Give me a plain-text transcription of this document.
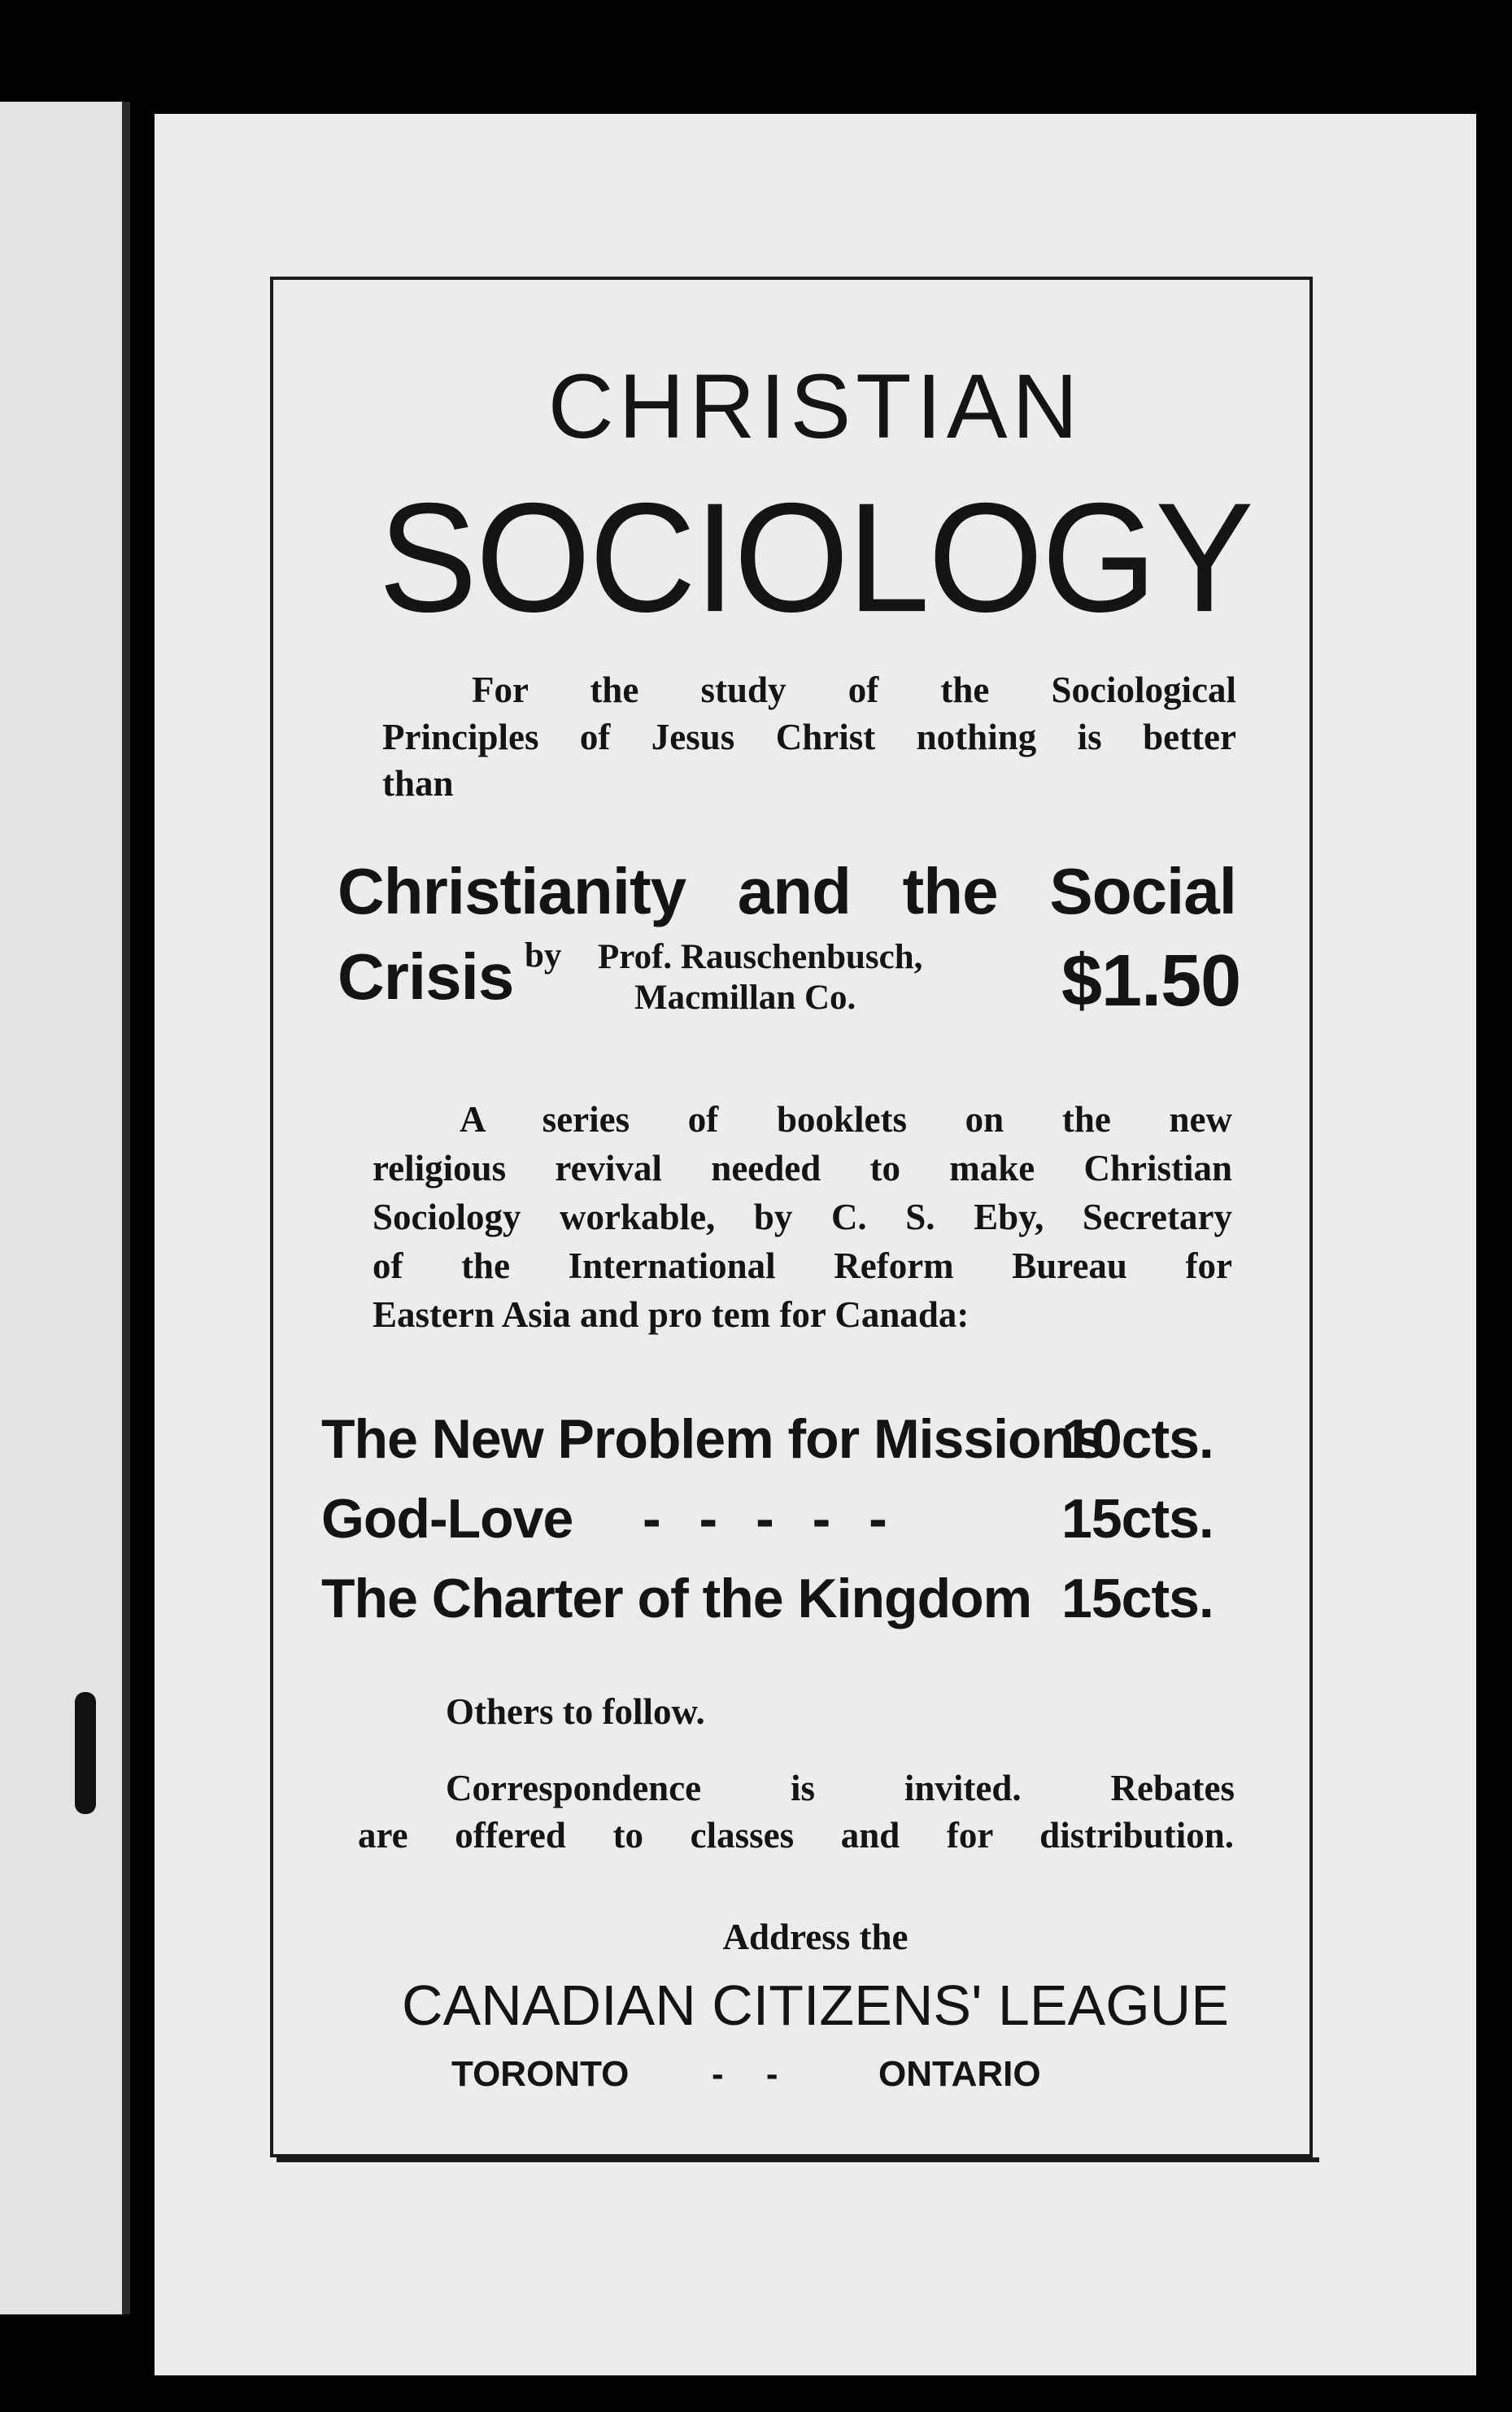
CHRISTIAN
SOCIOLOGY

For the study of the Sociological

Principles of Jesus Christ nothing is better

than

Christianity and the Social
Crisis by Prof. Rauschenbusch,
Macmillan Co.	$1.50

A series of booklets on the new

religious revival needed to make Christian

Sociology workable, by C. S. Eby, Secretary

of the International Reform Bureau for

Eastern Asia and pro tem for Canada:

The New Problem for Missions
10cts.
God-Love - - - - -	15cts.
The Charter of the Kingdom 15cts.

Others to follow.

Correspondence is invited. Rebates

are offered to classes and for distribution.

Address the

CANADIAN CITIZENS' LEAGUE
TORONTO - - ONTARIO
